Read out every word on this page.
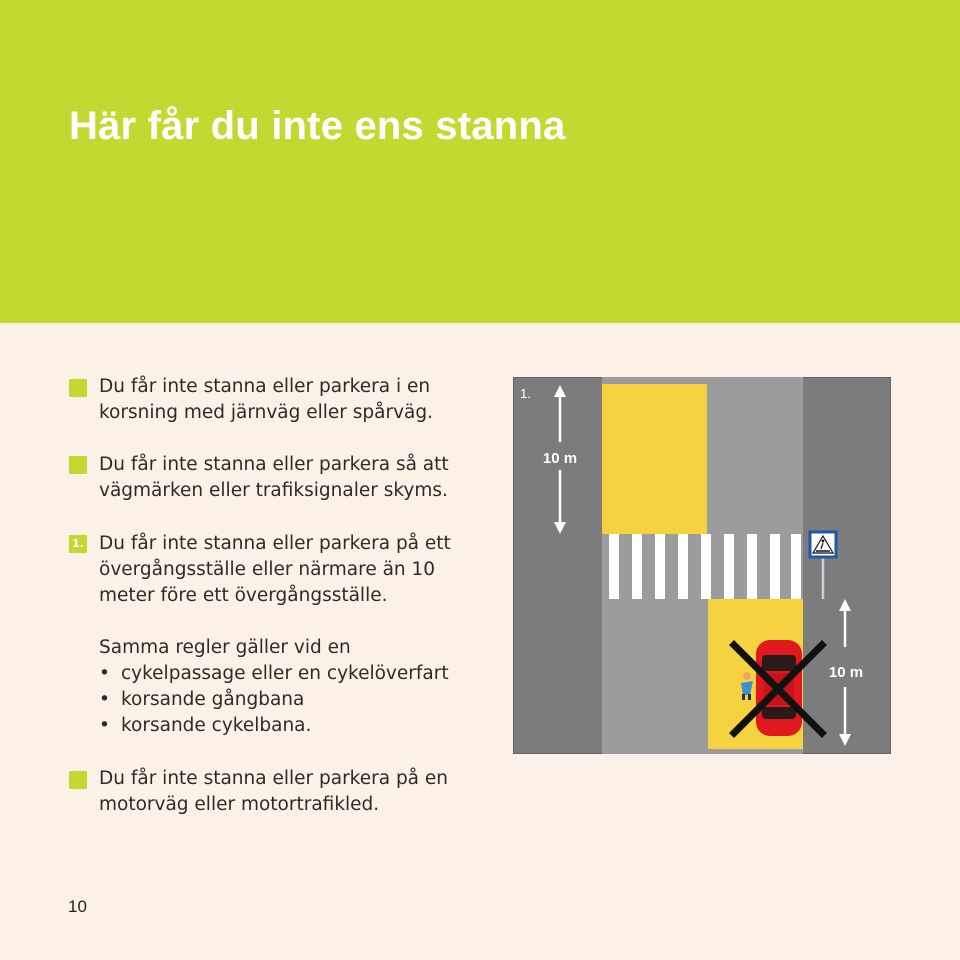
Här får du inte ens stanna

Du får inte stanna eller parkera i en
korsning med järnväg eller spårväg.

Du får inte stanna eller parkera så att
vägmärken eller trafiksignaler skyms.

1. Du får inte stanna eller parkera på ett
övergångsställe eller närmare än 10
meter före ett övergångsställe.

Samma regler gäller vid en
• cykelpassage eller en cykelöverfart
• korsande gångbana
• korsande cykelbana.

Du får inte stanna eller parkera på en
motorväg eller motortrafikled.

10
1.
10 m
10 m
